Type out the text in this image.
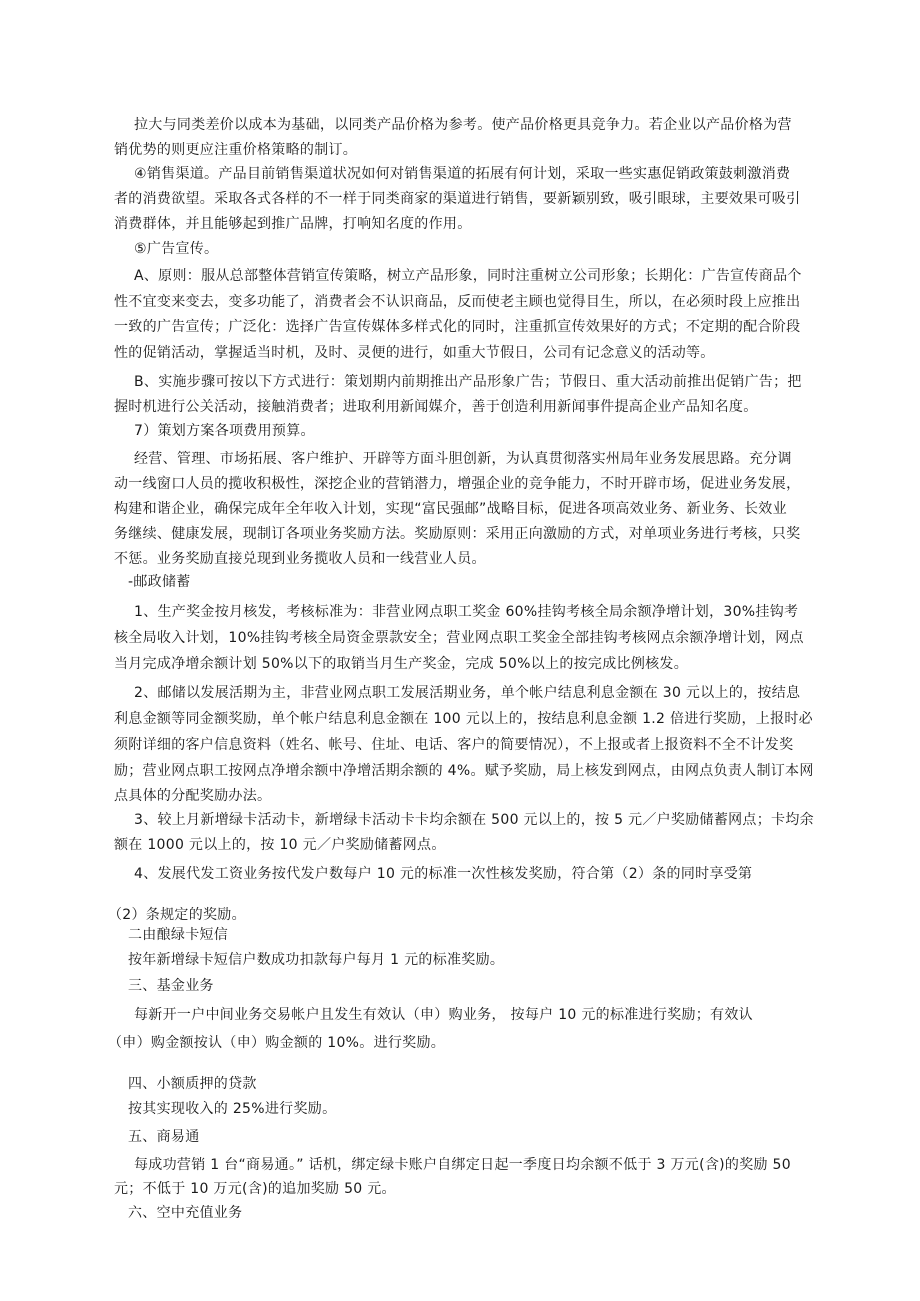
拉大与同类差价以成本为基础，以同类产品价格为参考。使产品价格更具竞争力。若企业以产品价格为营
销优势的则更应注重价格策略的制订。
④销售渠道。产品目前销售渠道状况如何对销售渠道的拓展有何计划，采取一些实惠促销政策鼓刺激消费
者的消费欲望。采取各式各样的不一样于同类商家的渠道进行销售，要新颖别致，吸引眼球，主要效果可吸引
消费群体，并且能够起到推广品牌，打响知名度的作用。
⑤广告宣传。
A、原则：服从总部整体营销宣传策略，树立产品形象，同时注重树立公司形象；长期化：广告宣传商品个
性不宜变来变去，变多功能了，消费者会不认识商品，反而使老主顾也觉得目生，所以，在必须时段上应推出
一致的广告宣传；广泛化：选择广告宣传媒体多样式化的同时，注重抓宣传效果好的方式；不定期的配合阶段
性的促销活动，掌握适当时机，及时、灵便的进行，如重大节假日，公司有记念意义的活动等。
B、实施步骤可按以下方式进行：策划期内前期推出产品形象广告；节假日、重大活动前推出促销广告；把
握时机进行公关活动，接触消费者；进取利用新闻媒介，善于创造利用新闻事件提高企业产品知名度。
7）策划方案各项费用预算。
经营、管理、市场拓展、客户维护、开辟等方面斗胆创新，为认真贯彻落实州局年业务发展思路。充分调
动一线窗口人员的揽收积极性，深挖企业的营销潜力，增强企业的竞争能力，不时开辟市场，促进业务发展，
构建和谐企业，确保完成年全年收入计划，实现“富民强邮”战略目标，促进各项高效业务、新业务、长效业
务继续、健康发展，现制订各项业务奖励方法。奖励原则：采用正向激励的方式，对单项业务进行考核，只奖
不惩。业务奖励直接兑现到业务揽收人员和一线营业人员。
-邮政储蓄
1、生产奖金按月核发，考核标准为：非营业网点职工奖金 60%挂钩考核全局余额净增计划，30%挂钩考
核全局收入计划，10%挂钩考核全局资金票款安全；营业网点职工奖金全部挂钩考核网点余额净增计划，网点
当月完成净增余额计划 50%以下的取销当月生产奖金，完成 50%以上的按完成比例核发。
2、邮储以发展活期为主，非营业网点职工发展活期业务，单个帐户结息利息金额在 30 元以上的，按结息
利息金额等同金额奖励，单个帐户结息利息金额在 100 元以上的，按结息利息金额 1.2 倍进行奖励，上报时必
须附详细的客户信息资料（姓名、帐号、住址、电话、客户的简要情况），不上报或者上报资料不全不计发奖
励；营业网点职工按网点净增余额中净增活期余额的 4%。赋予奖励，局上核发到网点，由网点负责人制订本网
点具体的分配奖励办法。
3、较上月新增绿卡活动卡，新增绿卡活动卡卡均余额在 500 元以上的，按 5 元／户奖励储蓄网点；卡均余
额在 1000 元以上的，按 10 元／户奖励储蓄网点。
4、发展代发工资业务按代发户数每户 10 元的标准一次性核发奖励，符合第（2）条的同时享受第
（2）条规定的奖励。
二由酿绿卡短信
按年新增绿卡短信户数成功扣款每户每月 1 元的标准奖励。
三、基金业务
每新开一户中间业务交易帐户且发生有效认（申）购业务， 按每户 10 元的标准进行奖励；有效认
（申）购金额按认（申）购金额的 10%。进行奖励。
四、小额质押的贷款
按其实现收入的 25%进行奖励。
五、商易通
每成功营销 1 台“商易通。” 话机，绑定绿卡账户自绑定日起一季度日均余额不低于 3 万元(含)的奖励 50
元；不低于 10 万元(含)的追加奖励 50 元。
六、空中充值业务
